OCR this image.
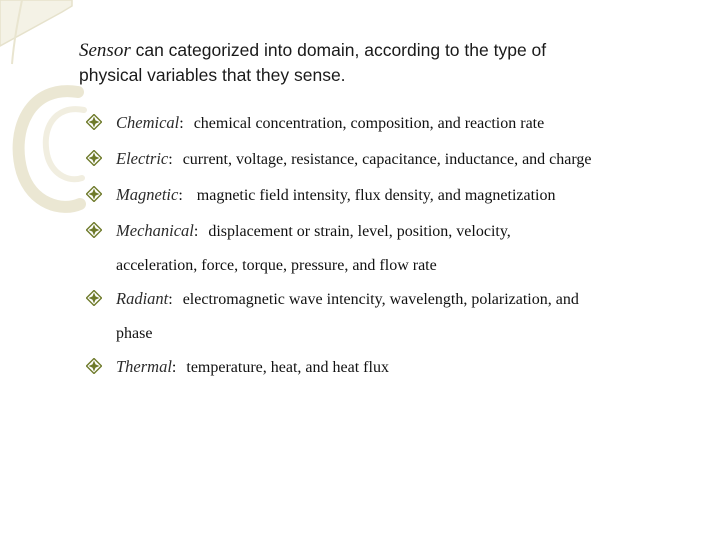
Sensor can categorized into domain, according to the type of
physical variables that they sense.
Chemical: chemical concentration, composition, and reaction rate
Electric: current, voltage, resistance, capacitance, inductance, and charge
Magnetic: magnetic field intensity, flux density, and magnetization
Mechanical: displacement or strain, level, position, velocity,
acceleration, force, torque, pressure, and flow rate
Radiant: electromagnetic wave intencity, wavelength, polarization, and
phase
Thermal: temperature, heat, and heat flux
